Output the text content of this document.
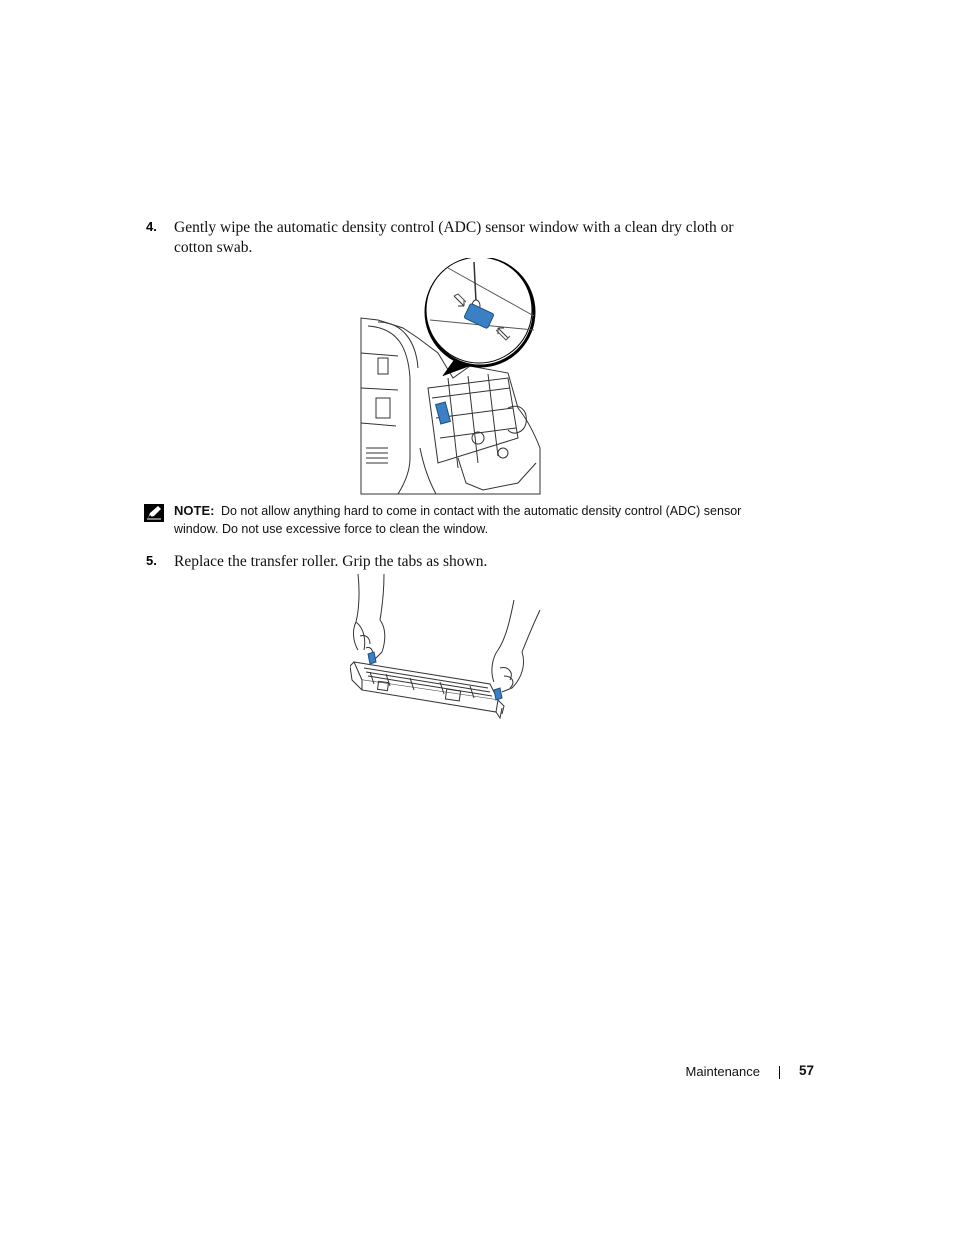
4. Gently wipe the automatic density control (ADC) sensor window with a clean dry cloth or cotton swab.
NOTE: Do not allow anything hard to come in contact with the automatic density control (ADC) sensor window. Do not use excessive force to clean the window.
5. Replace the transfer roller. Grip the tabs as shown.
Maintenance	57
